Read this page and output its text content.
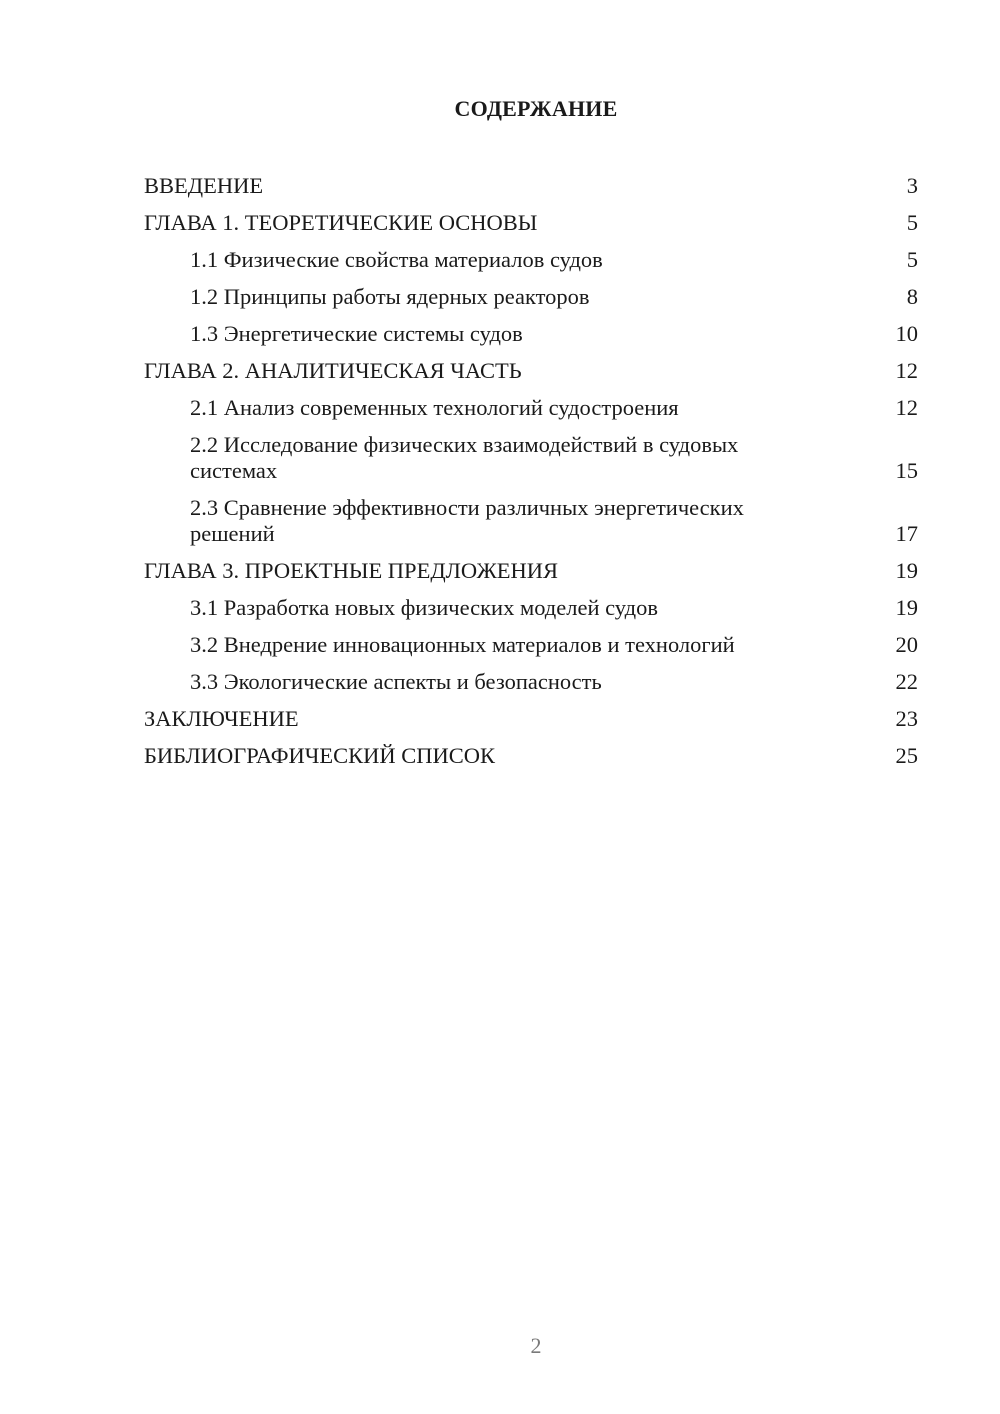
СОДЕРЖАНИЕ
ВВЕДЕНИЕ	3
ГЛАВА 1. ТЕОРЕТИЧЕСКИЕ ОСНОВЫ	5
1.1 Физические свойства материалов судов	5
1.2 Принципы работы ядерных реакторов	8
1.3 Энергетические системы судов	10
ГЛАВА 2. АНАЛИТИЧЕСКАЯ ЧАСТЬ	12
2.1 Анализ современных технологий судостроения	12
2.2 Исследование физических взаимодействий в судовых системах	15
2.3 Сравнение эффективности различных энергетических решений	17
ГЛАВА 3. ПРОЕКТНЫЕ ПРЕДЛОЖЕНИЯ	19
3.1 Разработка новых физических моделей судов	19
3.2 Внедрение инновационных материалов и технологий	20
3.3 Экологические аспекты и безопасность	22
ЗАКЛЮЧЕНИЕ	23
БИБЛИОГРАФИЧЕСКИЙ СПИСОК	25
2
